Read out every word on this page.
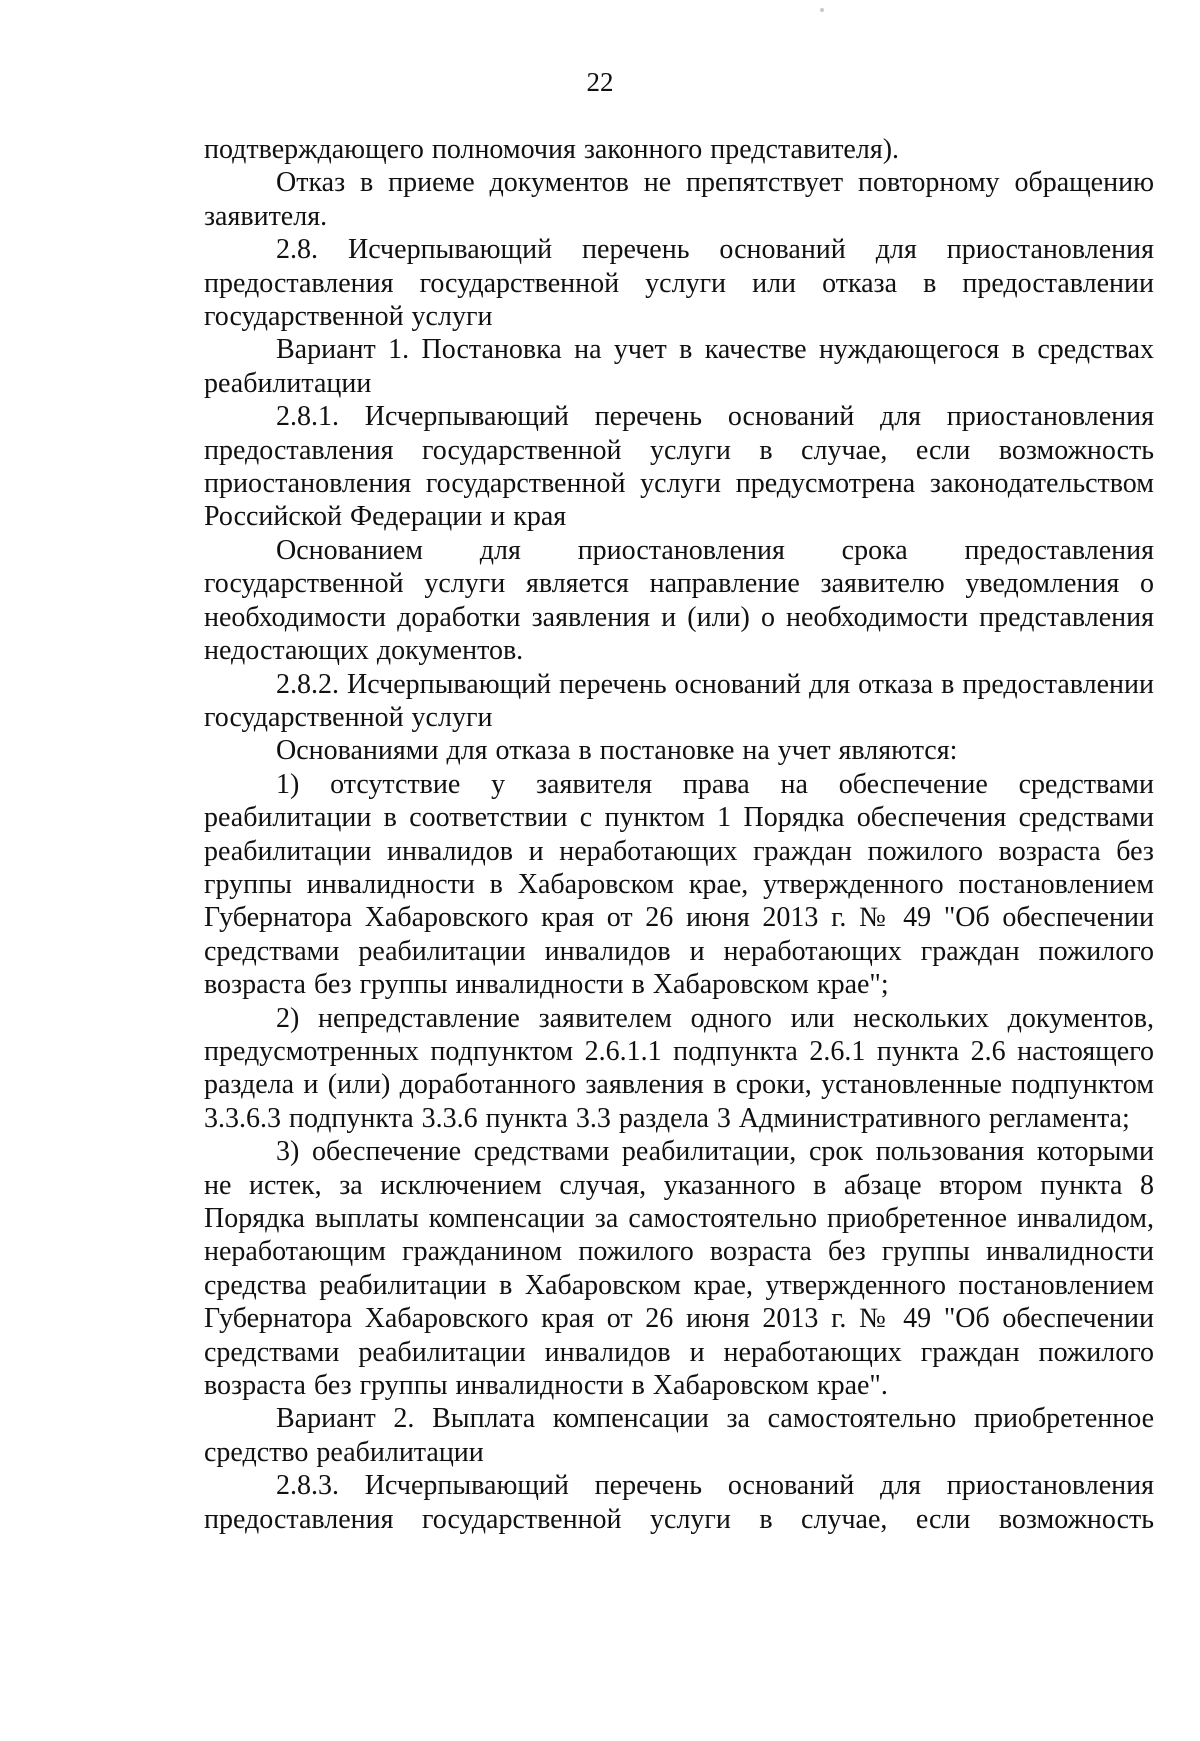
22

подтверждающего полномочия законного представителя).

Отказ в приеме документов не препятствует повторному обращению заявителя.

2.8. Исчерпывающий перечень оснований для приостановления предоставления государственной услуги или отказа в предоставлении государственной услуги

Вариант 1. Постановка на учет в качестве нуждающегося в средствах реабилитации

2.8.1. Исчерпывающий перечень оснований для приостановления предоставления государственной услуги в случае, если возможность приостановления государственной услуги предусмотрена законодательством Российской Федерации и края

Основанием для приостановления срока предоставления государственной услуги является направление заявителю уведомления о необходимости доработки заявления и (или) о необходимости представления недостающих документов.

2.8.2. Исчерпывающий перечень оснований для отказа в предоставлении государственной услуги

Основаниями для отказа в постановке на учет являются:

1) отсутствие у заявителя права на обеспечение средствами реабилитации в соответствии с пунктом 1 Порядка обеспечения средствами реабилитации инвалидов и неработающих граждан пожилого возраста без группы инвалидности в Хабаровском крае, утвержденного постановлением Губернатора Хабаровского края от 26 июня 2013 г. № 49 "Об обеспечении средствами реабилитации инвалидов и неработающих граждан пожилого возраста без группы инвалидности в Хабаровском крае";

2) непредставление заявителем одного или нескольких документов, предусмотренных подпунктом 2.6.1.1 подпункта 2.6.1 пункта 2.6 настоящего раздела и (или) доработанного заявления в сроки, установленные подпунктом 3.3.6.3 подпункта 3.3.6 пункта 3.3 раздела 3 Административного регламента;

3) обеспечение средствами реабилитации, срок пользования которыми не истек, за исключением случая, указанного в абзаце втором пункта 8 Порядка выплаты компенсации за самостоятельно приобретенное инвалидом, неработающим гражданином пожилого возраста без группы инвалидности средства реабилитации в Хабаровском крае, утвержденного постановлением Губернатора Хабаровского края от 26 июня 2013 г. № 49 "Об обеспечении средствами реабилитации инвалидов и неработающих граждан пожилого возраста без группы инвалидности в Хабаровском крае".

Вариант 2. Выплата компенсации за самостоятельно приобретенное средство реабилитации

2.8.3. Исчерпывающий перечень оснований для приостановления предоставления государственной услуги в случае, если возможность
